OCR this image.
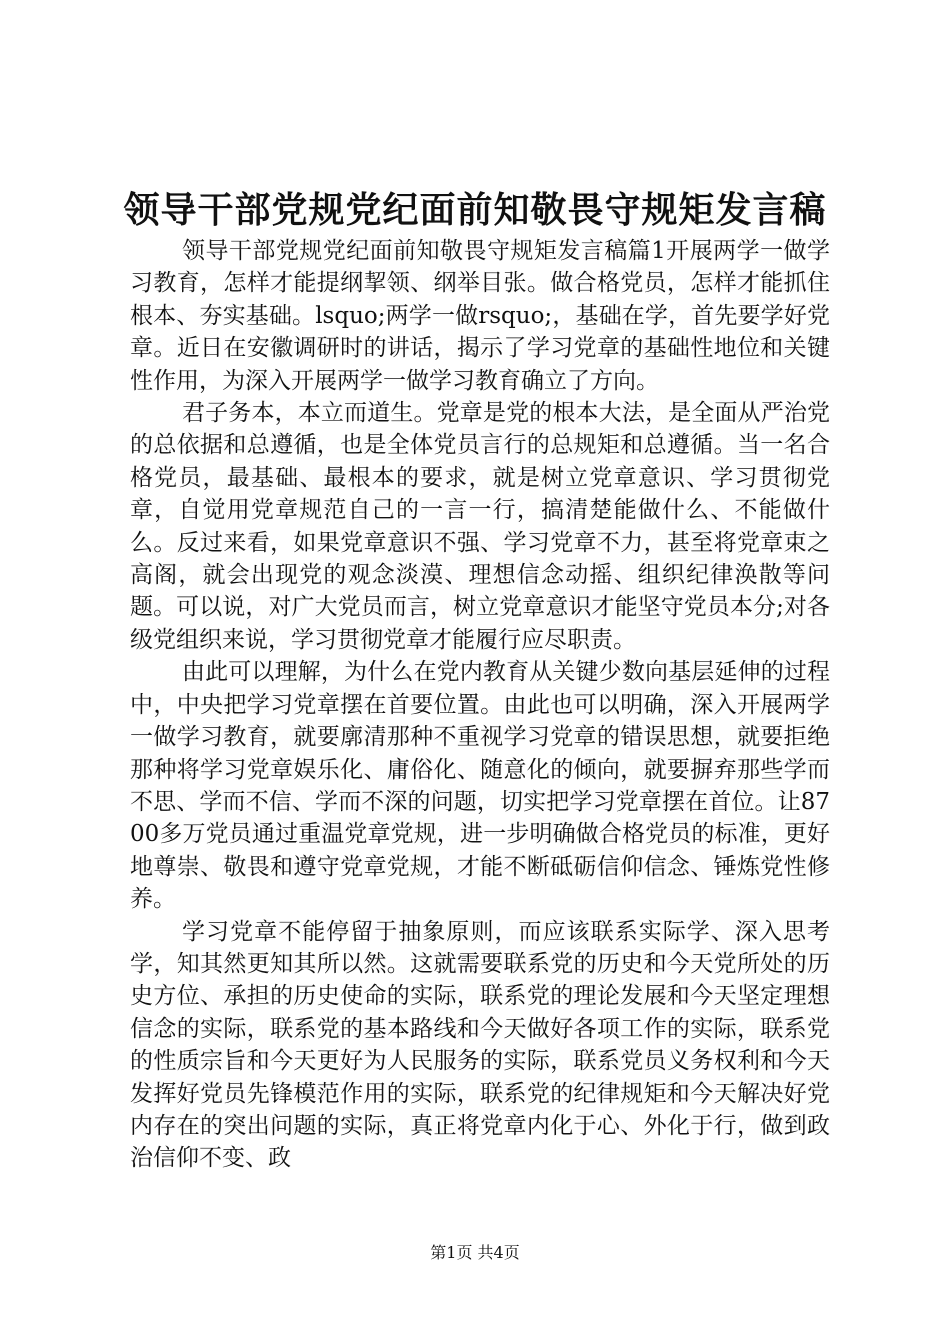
领导干部党规党纪面前知敬畏守规矩发言稿

领导干部党规党纪面前知敬畏守规矩发言稿篇1开展两学一做学习教育，怎样才能提纲挈领、纲举目张。做合格党员，怎样才能抓住根本、夯实基础。lsquo;两学一做rsquo;，基础在学，首先要学好党章。近日在安徽调研时的讲话，揭示了学习党章的基础性地位和关键性作用，为深入开展两学一做学习教育确立了方向。

君子务本，本立而道生。党章是党的根本大法，是全面从严治党的总依据和总遵循，也是全体党员言行的总规矩和总遵循。当一名合格党员，最基础、最根本的要求，就是树立党章意识、学习贯彻党章，自觉用党章规范自己的一言一行，搞清楚能做什么、不能做什么。反过来看，如果党章意识不强、学习党章不力，甚至将党章束之高阁，就会出现党的观念淡漠、理想信念动摇、组织纪律涣散等问题。可以说，对广大党员而言，树立党章意识才能坚守党员本分;对各级党组织来说，学习贯彻党章才能履行应尽职责。

由此可以理解，为什么在党内教育从关键少数向基层延伸的过程中，中央把学习党章摆在首要位置。由此也可以明确，深入开展两学一做学习教育，就要廓清那种不重视学习党章的错误思想，就要拒绝那种将学习党章娱乐化、庸俗化、随意化的倾向，就要摒弃那些学而不思、学而不信、学而不深的问题，切实把学习党章摆在首位。让8700多万党员通过重温党章党规，进一步明确做合格党员的标准，更好地尊崇、敬畏和遵守党章党规，才能不断砥砺信仰信念、锤炼党性修养。

学习党章不能停留于抽象原则，而应该联系实际学、深入思考学，知其然更知其所以然。这就需要联系党的历史和今天党所处的历史方位、承担的历史使命的实际，联系党的理论发展和今天坚定理想信念的实际，联系党的基本路线和今天做好各项工作的实际，联系党的性质宗旨和今天更好为人民服务的实际，联系党员义务权利和今天发挥好党员先锋模范作用的实际，联系党的纪律规矩和今天解决好党内存在的突出问题的实际，真正将党章内化于心、外化于行，做到政治信仰不变、政

第1页 共4页
